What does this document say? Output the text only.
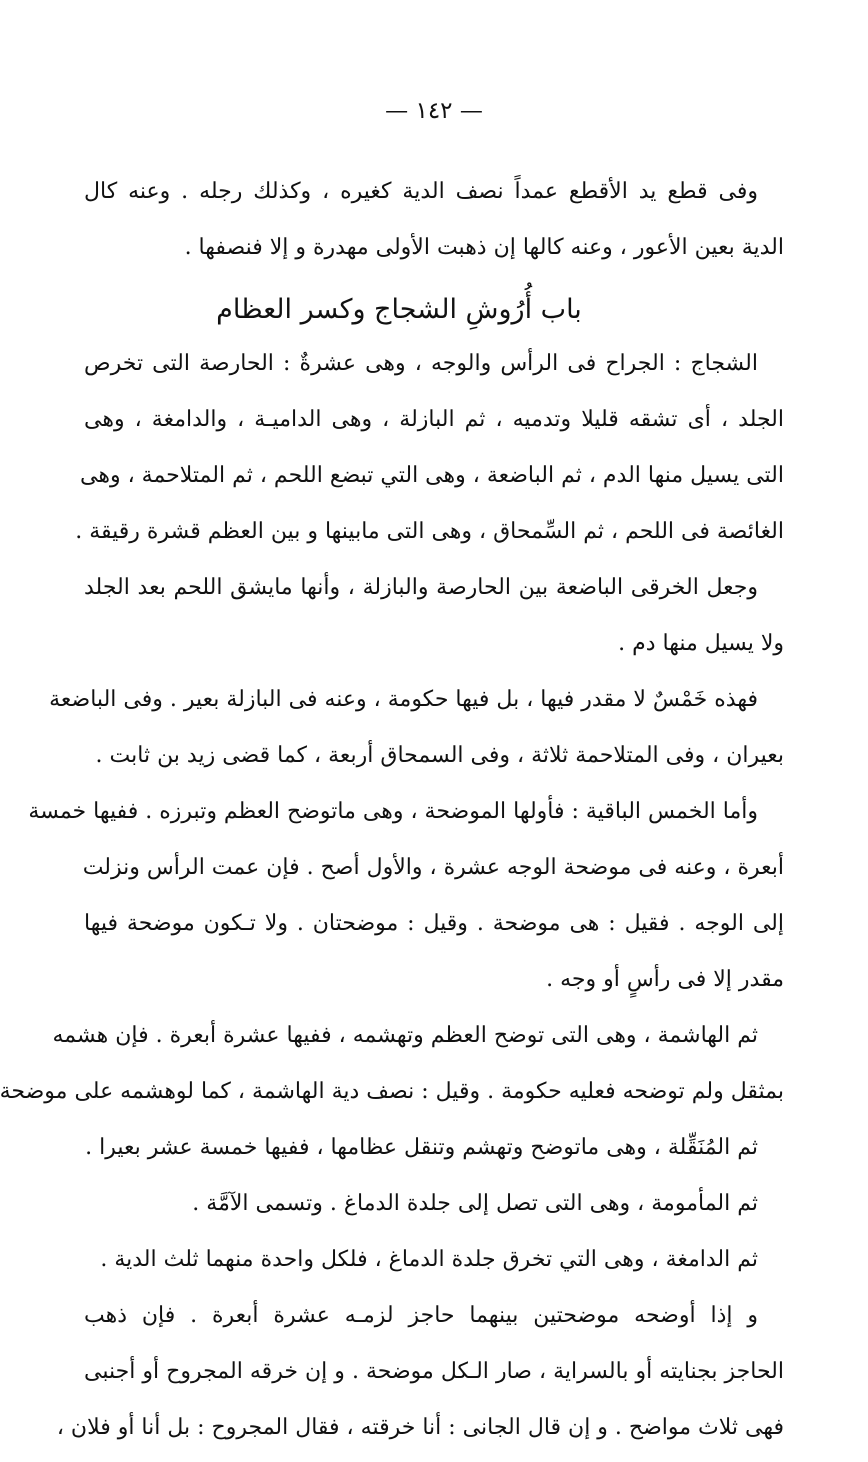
— ١٤٢ —
وفى قطع يد الأقطع عمداً نصف الدية كغيره ، وكذلك رجله . وعنه كال
الدية بعين الأعور ، وعنه كالها إن ذهبت الأولى مهدرة و إلا فنصفها .
باب أُرُوشِ الشجاج وكسر العظام
الشجاج : الجراح فى الرأس والوجه ، وهى عشرةٌ : الحارصة التى تخرص
الجلد ، أى تشقه قليلا وتدميه ، ثم البازلة ، وهى الداميـة ، والدامغة ، وهى
التى يسيل منها الدم ، ثم الباضعة ، وهى التي تبضع اللحم ، ثم المتلاحمة ، وهى
الغائصة فى اللحم ، ثم السِّمحاق ، وهى التى مابينها و بين العظم قشرة رقيقة .
وجعل الخرقى الباضعة بين الحارصة والبازلة ، وأنها مايشق اللحم بعد الجلد
ولا يسيل منها دم .
فهذه خَمْسٌ لا مقدر فيها ، بل فيها حكومة ، وعنه فى البازلة بعير . وفى الباضعة
بعيران ، وفى المتلاحمة ثلاثة ، وفى السمحاق أربعة ، كما قضى زيد بن ثابت .
وأما الخمس الباقية : فأولها الموضحة ، وهى ماتوضح العظم وتبرزه . ففيها خمسة
أبعرة ، وعنه فى موضحة الوجه عشرة ، والأول أصح . فإن عمت الرأس ونزلت
إلى الوجه . فقيل : هى موضحة . وقيل : موضحتان . ولا تـكون موضحة فيها
مقدر إلا فى رأسٍ أو وجه .
ثم الهاشمة ، وهى التى توضح العظم وتهشمه ، ففيها عشرة أبعرة . فإن هشمه
بمثقل ولم توضحه فعليه حكومة . وقيل : نصف دية الهاشمة ، كما لوهشمه على موضحة
ثم المُنَقِّلة ، وهى ماتوضح وتهشم وتنقل عظامها ، ففيها خمسة عشر بعيرا .
ثم المأمومة ، وهى التى تصل إلى جلدة الدماغ . وتسمى الآمَّة .
ثم الدامغة ، وهى التي تخرق جلدة الدماغ ، فلكل واحدة منهما ثلث الدية .
و إذا أوضحه موضحتين بينهما حاجز لزمـه عشرة أبعرة . فإن ذهب
الحاجز بجنايته أو بالسراية ، صار الـكل موضحة . و إن خرقه المجروح أو أجنبى
فهى ثلاث مواضح . و إن قال الجانى : أنا خرقته ، فقال المجروح : بل أنا أو فلان ،
